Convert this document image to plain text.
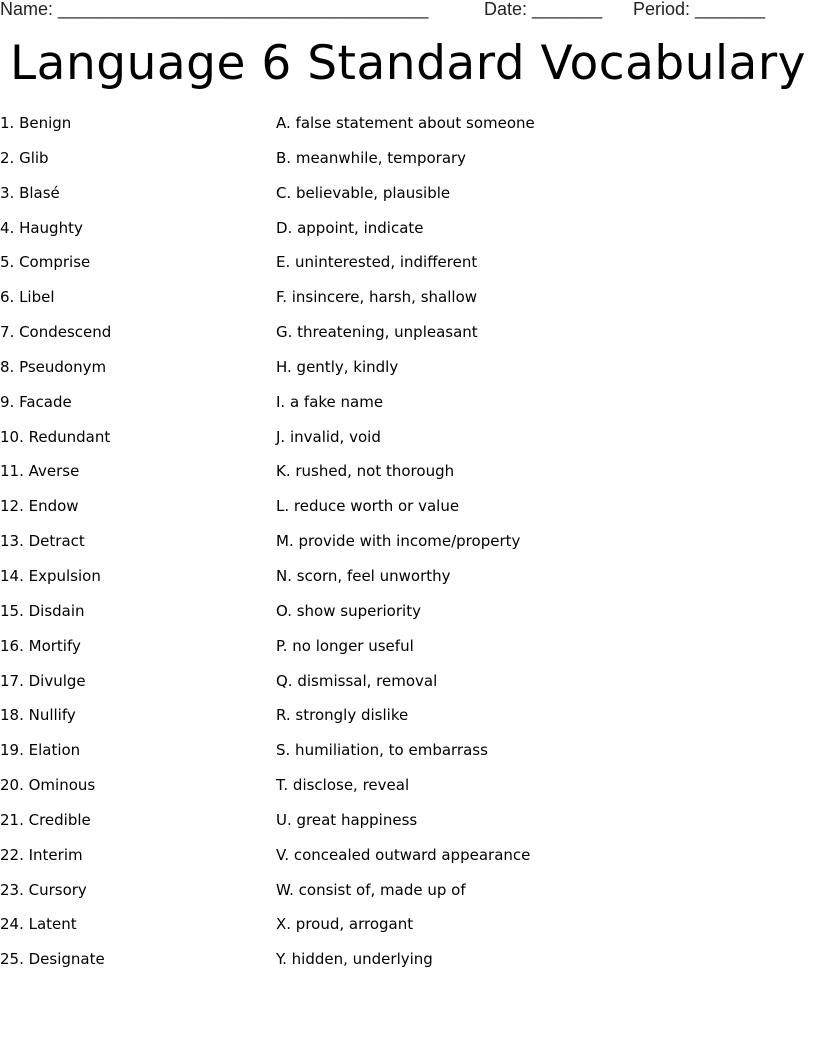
Name: _____________________________________	Date: _______ Period: _______
Language 6 Standard Vocabulary
1. Benign	A. false statement about someone
2. Glib	B. meanwhile, temporary
3. Blasé	C. believable, plausible
4. Haughty	D. appoint, indicate
5. Comprise	E. uninterested, indifferent
6. Libel	F. insincere, harsh, shallow
7. Condescend	G. threatening, unpleasant
8. Pseudonym	H. gently, kindly
9. Facade	I. a fake name
10. Redundant	J. invalid, void
11. Averse	K. rushed, not thorough
12. Endow	L. reduce worth or value
13. Detract	M. provide with income/property
14. Expulsion	N. scorn, feel unworthy
15. Disdain	O. show superiority
16. Mortify	P. no longer useful
17. Divulge	Q. dismissal, removal
18. Nullify	R. strongly dislike
19. Elation	S. humiliation, to embarrass
20. Ominous	T. disclose, reveal
21. Credible	U. great happiness
22. Interim	V. concealed outward appearance
23. Cursory	W. consist of, made up of
24. Latent	X. proud, arrogant
25. Designate	Y. hidden, underlying
